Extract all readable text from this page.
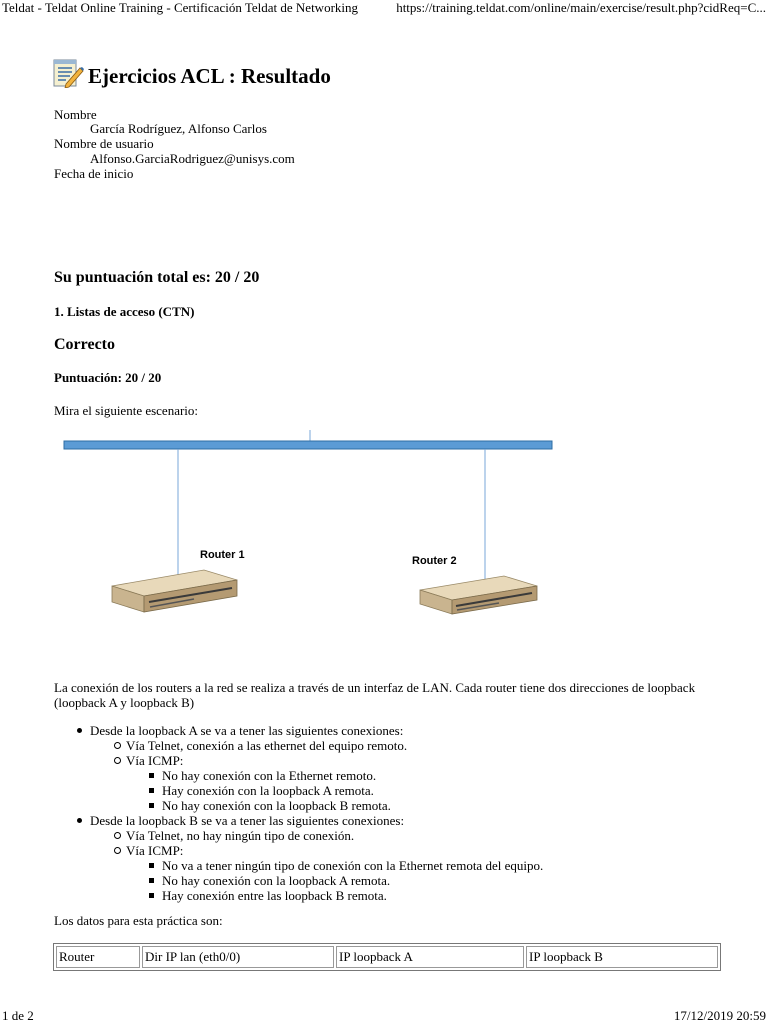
Teldat - Teldat Online Training - Certificación Teldat de Networking	https://training.teldat.com/online/main/exercise/result.php?cidReq=C...
Ejercicios ACL : Resultado
Nombre
García Rodríguez, Alfonso Carlos
Nombre de usuario
Alfonso.GarciaRodriguez@unisys.com
Fecha de inicio
Su puntuación total es: 20 / 20
1. Listas de acceso (CTN)
Correcto
Puntuación: 20 / 20
Mira el siguiente escenario:
Router 1	Router 2
La conexión de los routers a la red se realiza a través de un interfaz de LAN. Cada router tiene dos direcciones de loopback (loopback A y loopback B)
Desde la loopback A se va a tener las siguientes conexiones:
Vía Telnet, conexión a las ethernet del equipo remoto.
Vía ICMP:
No hay conexión con la Ethernet remoto.
Hay conexión con la loopback A remota.
No hay conexión con la loopback B remota.
Desde la loopback B se va a tener las siguientes conexiones:
Vía Telnet, no hay ningún tipo de conexión.
Vía ICMP:
No va a tener ningún tipo de conexión con la Ethernet remota del equipo.
No hay conexión con la loopback A remota.
Hay conexión entre las loopback B remota.
Los datos para esta práctica son:
Router	Dir IP lan (eth0/0)	IP loopback A	IP loopback B
1 de 2	17/12/2019 20:59
